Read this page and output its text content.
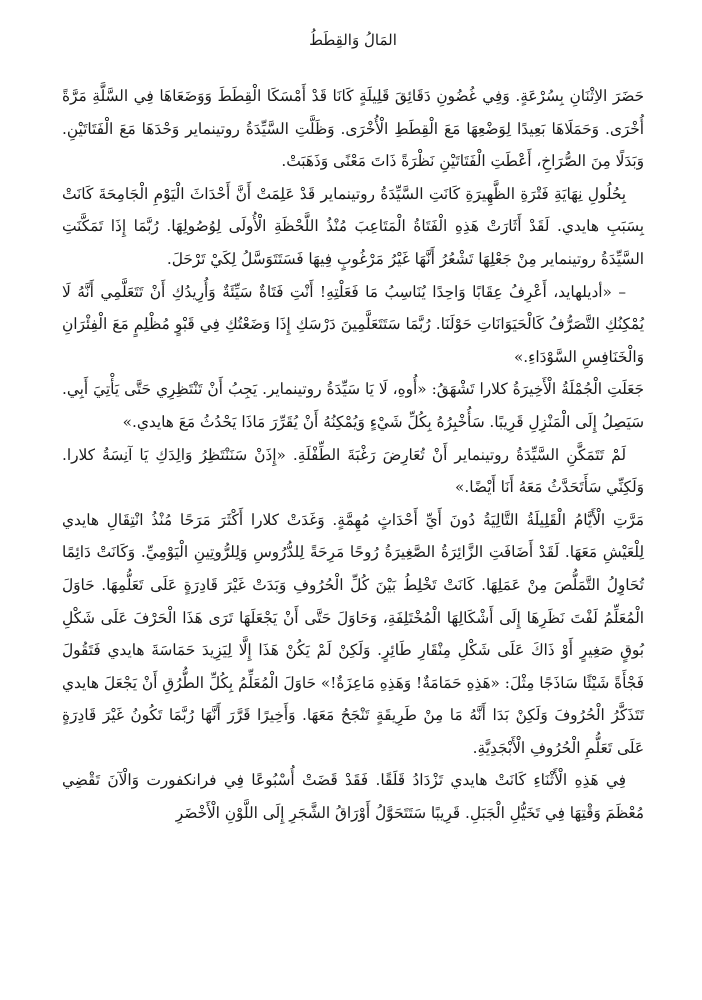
المَالُ وَالقِطَطُ

حَضَرَ الاِثْنَانِ بِسُرْعَةٍ. وَفِي غُضُونِ دَقَائِقَ قَلِيلَةٍ كَانَا قَدْ أَمْسَكَا الْقِطَطَ وَوَضَعَاهَا فِي السَّلَّةِ مَرَّةً أُخْرَى. وَحَمَلَاهَا بَعِيدًا لِوَضْعِهَا مَعَ الْقِطَطِ الْأُخْرَى. وَظَلَّتِ السَّيِّدَةُ روتينماير وَحْدَهَا مَعَ الْفَتَاتَيْنِ. وَبَدَلًا مِنَ الصُّرَاخِ، أَعْطَتِ الْفَتَاتَيْنِ نَظْرَةً ذَاتَ مَعْنًى وَذَهَبَتْ.

بِحُلُولِ نِهَايَةِ فَتْرَةِ الظَّهِيرَةِ كَانَتِ السَّيِّدَةُ روتينماير قَدْ عَلِمَتْ أَنَّ أَحْدَاثَ الْيَوْمِ الْجَامِحَةَ كَانَتْ بِسَبَبِ هايدي. لَقَدْ أَثَارَتْ هَذِهِ الْفَتَاةُ الْمَتَاعِبَ مُنْذُ اللَّحْظَةِ الْأُولَى لِوُصُولِهَا. رُبَّمَا إِذَا تَمَكَّنَتِ السَّيِّدَةُ روتينماير مِنْ جَعْلِهَا تَشْعُرُ أَنَّهَا غَيْرُ مَرْغُوبٍ فِيهَا فَسَتَتَوَسَّلُ لِكَيْ تَرْحَلَ.

– «أديلهايد، أَعْرِفُ عِقَابًا وَاحِدًا يُنَاسِبُ مَا فَعَلْتِهِ! أَنْتِ فَتَاةٌ سَيِّئَةٌ وَأُرِيدُكِ أَنْ تَتَعَلَّمِي أَنَّهُ لَا يُمْكِنُكِ التَّصَرُّفُ كَالْحَيَوَانَاتِ حَوْلَنَا. رُبَّمَا سَتَتَعَلَّمِينَ دَرْسَكِ إِذَا وَضَعْتُكِ فِي قَبْوٍ مُظْلِمٍ مَعَ الْفِئْرَانِ وَالْخَنَافِسِ السَّوْدَاءِ.»

جَعَلَتِ الْجُمْلَةُ الْأَخِيرَةُ كلارا تَشْهَقُ: «أُوهِ، لَا يَا سَيِّدَةُ روتينماير. يَجِبُ أَنْ تَنْتَظِرِي حَتَّى يَأْتِيَ أَبِي. سَيَصِلُ إِلَى الْمَنْزِلِ قَرِيبًا. سَأُخْبِرُهُ بِكُلِّ شَيْءٍ وَيُمْكِنُهُ أَنْ يُقَرِّرَ مَاذَا يَحْدُثُ مَعَ هايدي.»

لَمْ تَتَمَكَّنِ السَّيِّدَةُ روتينماير أَنْ تُعَارِضَ رَغْبَةَ الطِّفْلَةِ. «إِذَنْ سَنَنْتَظِرُ وَالِدَكِ يَا آنِسَةُ كلارا. وَلَكِنِّي سَأَتَحَدَّثُ مَعَهُ أَنَا أَيْضًا.»

مَرَّتِ الْأَيَّامُ الْقَلِيلَةُ التَّالِيَةُ دُونَ أَيِّ أَحْدَاثٍ مُهِمَّةٍ. وَغَدَتْ كلارا أَكْثَرَ مَرَحًا مُنْذُ انْتِقَالِ هايدي لِلْعَيْشِ مَعَهَا. لَقَدْ أَضَافَتِ الزَّائِرَةُ الصَّغِيرَةُ رُوحًا مَرِحَةً لِلدُّرُوسِ وَلِلرُّوتِينِ الْيَوْمِيِّ. وَكَانَتْ دَائِمًا تُحَاوِلُ التَّمَلُّصَ مِنْ عَمَلِهَا. كَانَتْ تَخْلِطُ بَيْنَ كُلِّ الْحُرُوفِ وَبَدَتْ غَيْرَ قَادِرَةٍ عَلَى تَعَلُّمِهَا. حَاوَلَ الْمُعَلِّمُ لَفْتَ نَظَرِهَا إِلَى أَشْكَالِهَا الْمُخْتَلِفَةِ، وَحَاوَلَ حَتَّى أَنْ يَجْعَلَهَا تَرَى هَذَا الْحَرْفَ عَلَى شَكْلِ بُوقٍ صَغِيرٍ أَوْ ذَاكَ عَلَى شَكْلِ مِنْقَارِ طَائِرٍ. وَلَكِنْ لَمْ يَكُنْ هَذَا إِلَّا لِيَزِيدَ حَمَاسَةَ هايدي فَتَقُولَ فَجْأَةً شَيْئًا سَاذَجًا مِثْلَ: «هَذِهِ حَمَامَةٌ! وَهَذِهِ مَاعِزَةٌ!» حَاوَلَ الْمُعَلِّمُ بِكُلِّ الطُّرُقِ أَنْ يَجْعَلَ هايدي تَتَذَكَّرُ الْحُرُوفَ وَلَكِنْ بَدَا أَنَّهُ مَا مِنْ طَرِيقَةٍ تَنْجَحُ مَعَهَا. وَأَخِيرًا قَرَّرَ أَنَّهَا رُبَّمَا تَكُونُ غَيْرَ قَادِرَةٍ عَلَى تَعَلُّمِ الْحُرُوفِ الْأَبْجَدِيَّةِ.

فِي هَذِهِ الْأَثْنَاءِ كَانَتْ هايدي تَزْدَادُ قَلَقًا. فَقَدْ قَضَتْ أُسْبُوعًا فِي فرانكفورت وَالْآنَ تَقْضِي مُعْظَمَ وَقْتِهَا فِي تَخَيُّلِ الْجَبَلِ. قَرِيبًا سَتَتَحَوَّلُ أَوْرَاقُ الشَّجَرِ إِلَى اللَّوْنِ الْأَخْضَرِ
